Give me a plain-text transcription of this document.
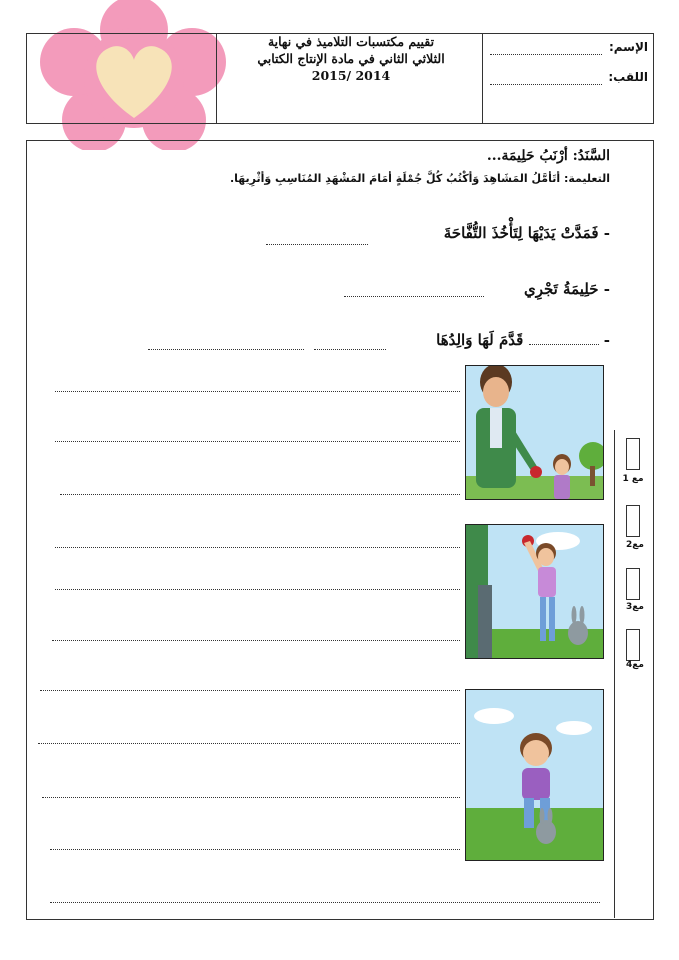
تقييم مكتسبات التلاميذ في نهاية
الثلاثي الثاني في مادة الإنتاج الكتابي
2015/ 2014
الإسم:
اللقب:
السَّنَدُ: أرْنَبُ حَلِيمَة...
التعليمة: أتَأمَّلُ المَشَاهِدَ وَأكْتُبُ كُلَّ جُمْلَةٍ أمَامَ المَشْهَدِ المُنَاسِبِ وَأثْرِيهَا.
- فَمَدَّتْ يَدَيْهَا لِتَأْخُذَ التُّفَّاحَةَ
- حَلِيمَةُ تَجْرِي
-  قَدَّمَ لَهَا وَالِدُهَا
مع 1
مع2
مع3
مع4
